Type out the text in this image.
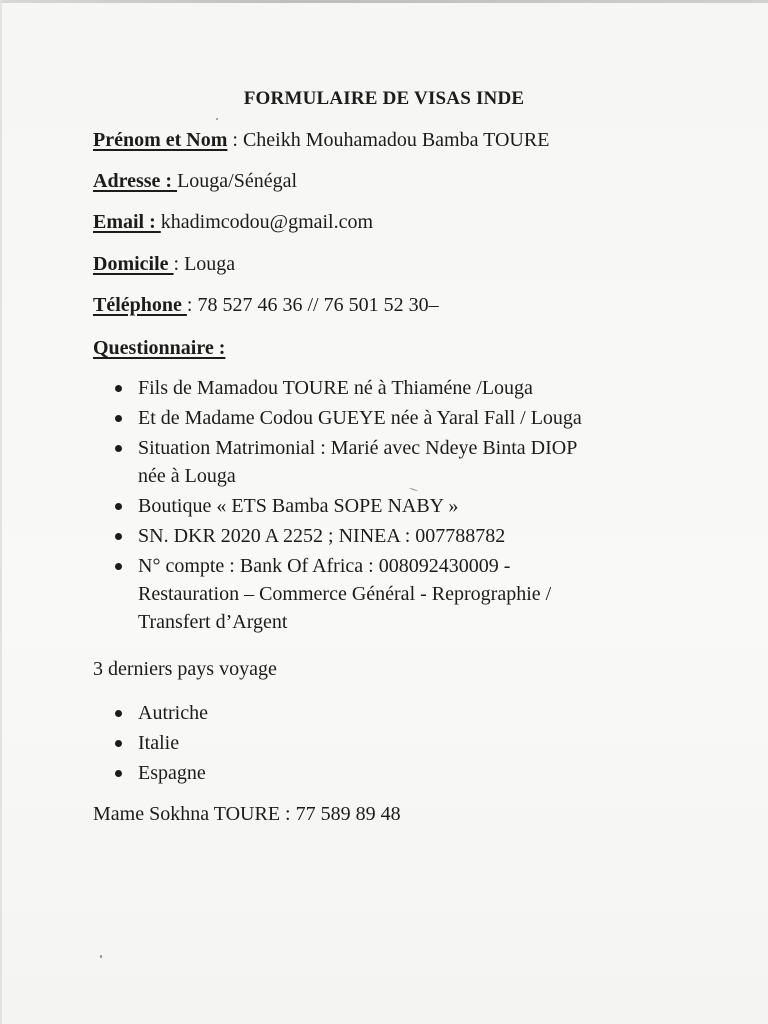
FORMULAIRE DE VISAS INDE
Prénom et Nom : Cheikh Mouhamadou Bamba TOURE
Adresse : Louga/Sénégal
Email : khadimcodou@gmail.com
Domicile : Louga
Téléphone : 78 527 46 36 // 76 501 52 30–
Questionnaire :
Fils de Mamadou TOURE né à Thiaméne /Louga
Et de Madame Codou GUEYE née à Yaral Fall / Louga
Situation Matrimonial : Marié avec Ndeye Binta DIOP
née à Louga
Boutique « ETS Bamba SOPE NABY »
SN. DKR 2020 A 2252 ; NINEA : 007788782
N° compte : Bank Of Africa : 008092430009 -
Restauration – Commerce Général - Reprographie /
Transfert d’Argent
3 derniers pays voyage
Autriche
Italie
Espagne
Mame Sokhna TOURE : 77 589 89 48
